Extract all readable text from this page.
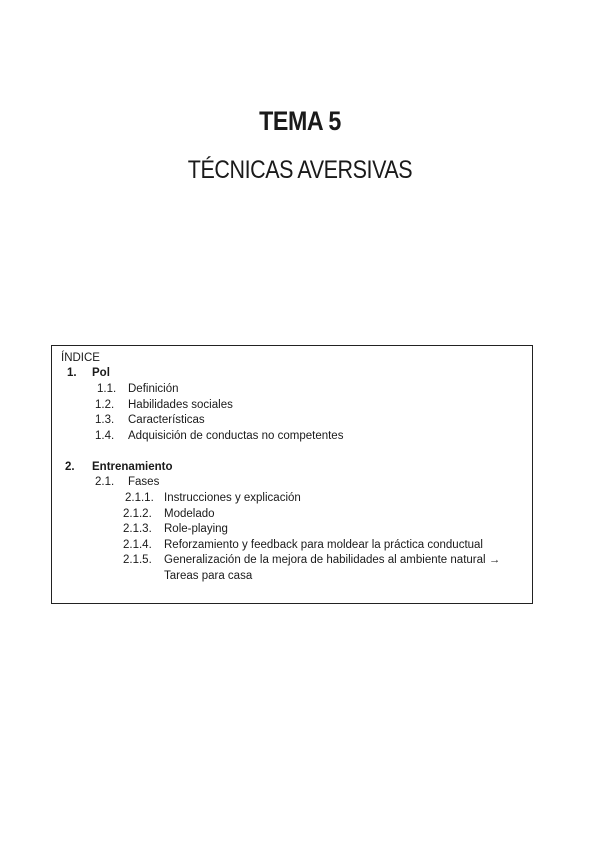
TEMA 5
TÉCNICAS AVERSIVAS
ÍNDICE
1. Pol
1.1. Definición
1.2. Habilidades sociales
1.3. Características
1.4. Adquisición de conductas no competentes
2. Entrenamiento
2.1. Fases
2.1.1. Instrucciones y explicación
2.1.2. Modelado
2.1.3. Role-playing
2.1.4. Reforzamiento y feedback para moldear la práctica conductual
2.1.5. Generalización de la mejora de habilidades al ambiente natural →
Tareas para casa
